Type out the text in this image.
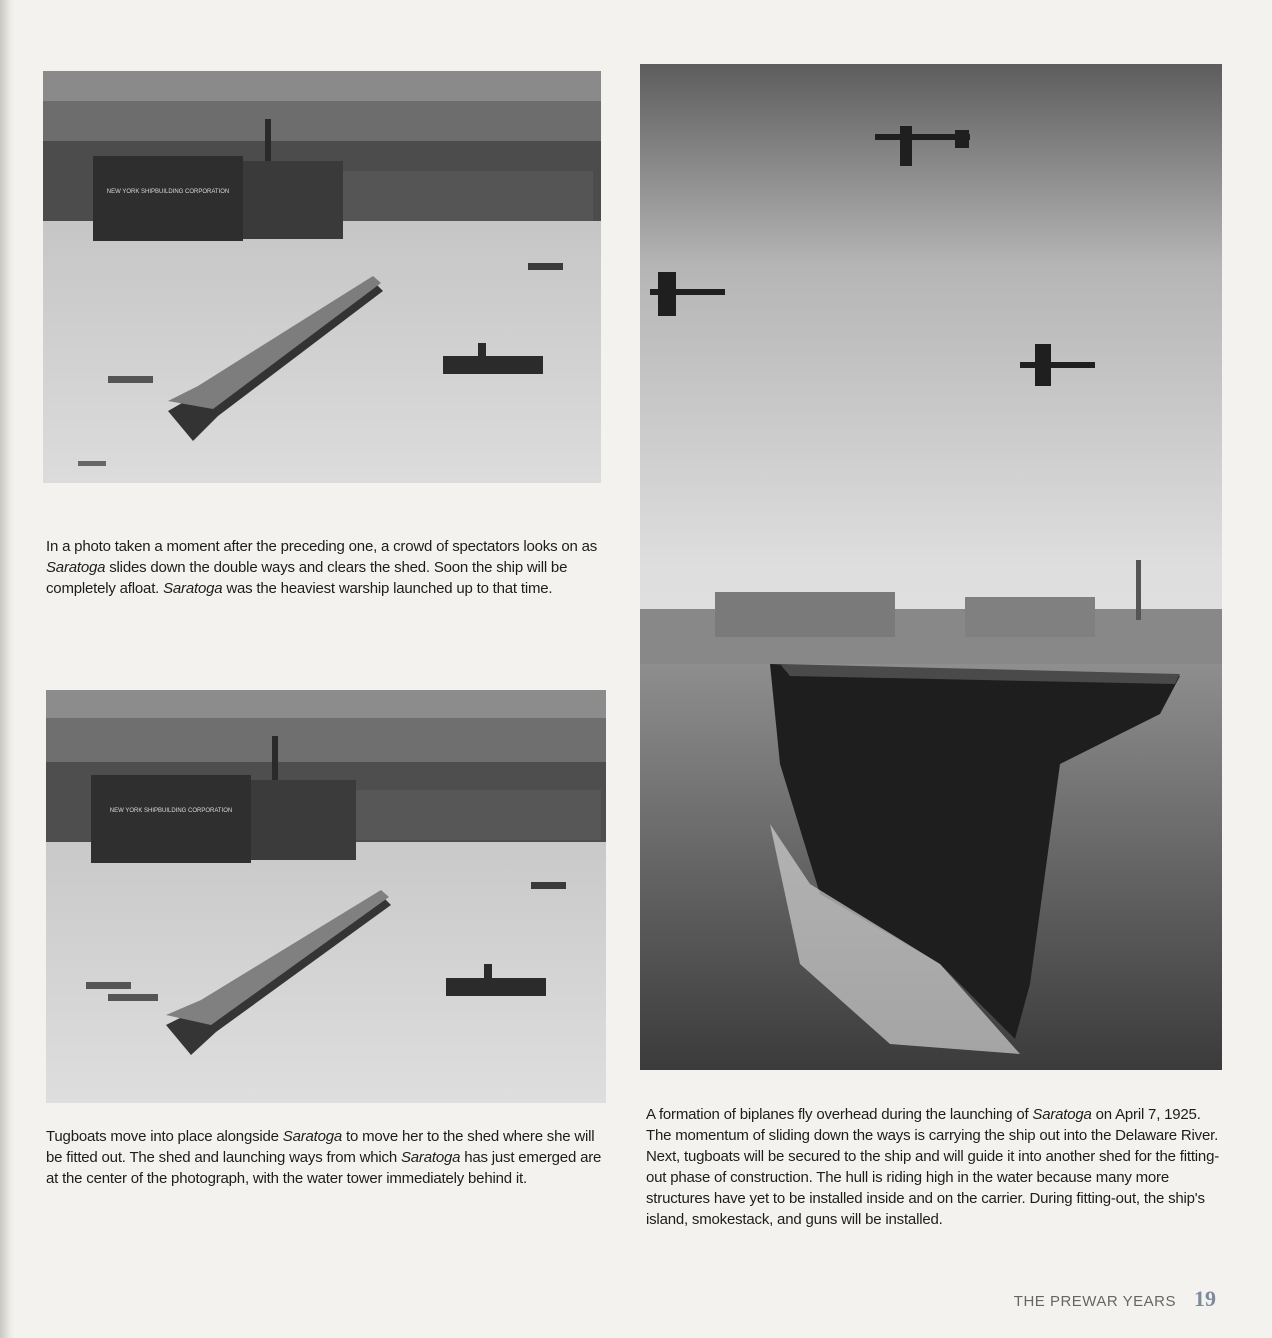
NEW YORK SHIPBUILDING CORPORATION

In a photo taken a moment after the preceding one, a crowd of spectators looks on as Saratoga slides down the double ways and clears the shed. Soon the ship will be completely afloat. Saratoga was the heaviest warship launched up to that time.

NEW YORK SHIPBUILDING CORPORATION

Tugboats move into place alongside Saratoga to move her to the shed where she will be fitted out. The shed and launching ways from which Saratoga has just emerged are at the center of the photograph, with the water tower immediately behind it.

A formation of biplanes fly overhead during the launching of Saratoga on April 7, 1925. The momentum of sliding down the ways is carrying the ship out into the Delaware River. Next, tugboats will be secured to the ship and will guide it into another shed for the fitting-out phase of construction. The hull is riding high in the water because many more structures have yet to be installed inside and on the carrier. During fitting-out, the ship's island, smokestack, and guns will be installed.

THE PREWAR YEARS 19
